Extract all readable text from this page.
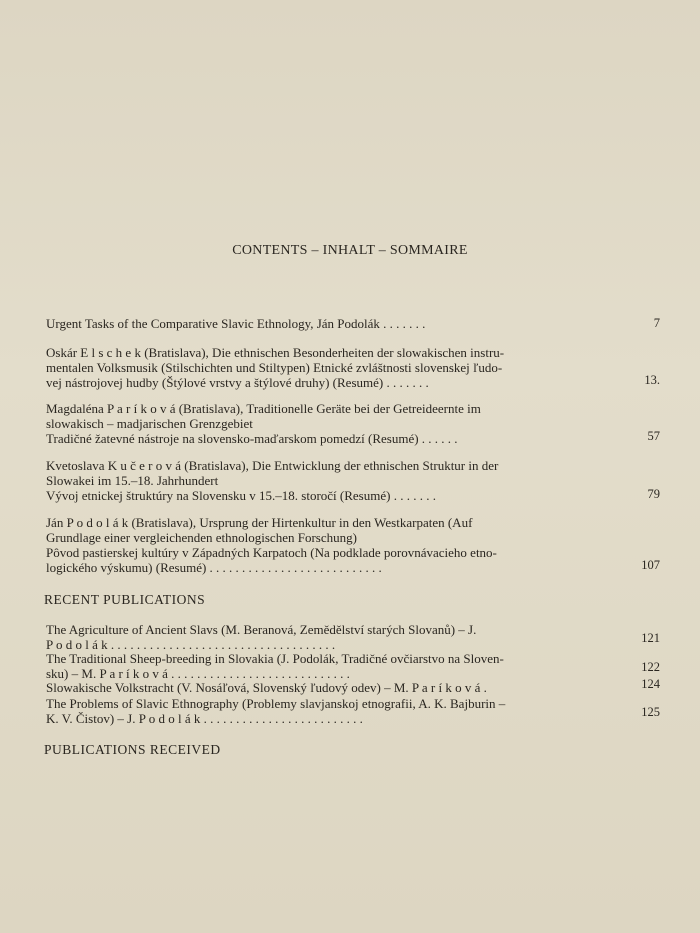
CONTENTS – INHALT – SOMMAIRE
Urgent Tasks of the Comparative Slavic Ethnology, Ján Podolák . . . . . . .	7
Oskár E l s c h e k (Bratislava), Die ethnischen Besonderheiten der slowakischen instru-
mentalen Volksmusik (Stilschichten und Stiltypen) Etnické zvláštnosti slovenskej ľudo-
vej nástrojovej hudby (Štýlové vrstvy a štýlové druhy) (Resumé) . . . . . . .	13.
Magdaléna P a r í k o v á (Bratislava), Traditionelle Geräte bei der Getreideernte im
slowakisch – madjarischen Grenzgebiet
Tradičné žatevné nástroje na slovensko-maďarskom pomedzí (Resumé) . . . . . .	57
Kvetoslava K u č e r o v á (Bratislava), Die Entwicklung der ethnischen Struktur in der
Slowakei im 15.–18. Jahrhundert
Vývoj etnickej štruktúry na Slovensku v 15.–18. storočí (Resumé) . . . . . . .	79
Ján P o d o l á k (Bratislava), Ursprung der Hirtenkultur in den Westkarpaten (Auf
Grundlage einer vergleichenden ethnologischen Forschung)
Pôvod pastierskej kultúry v Západných Karpatoch (Na podklade porovnávacieho etno-
logického výskumu) (Resumé) . . . . . . . . . . . . . . . . . . . . . . . . . . .	107
RECENT PUBLICATIONS
The Agriculture of Ancient Slavs (M. Beranová, Zemědělství starých Slovanů) – J.
P o d o l á k . . . . . . . . . . . . . . . . . . . . . . . . . . . . . . . . . . .	121
The Traditional Sheep-breeding in Slovakia (J. Podolák, Tradičné ovčiarstvo na Sloven-
sku) – M. P a r í k o v á . . . . . . . . . . . . . . . . . . . . . . . . . . . .	122
Slowakische Volkstracht (V. Nosáľová, Slovenský ľudový odev) – M. P a r í k o v á .	124
The Problems of Slavic Ethnography (Problemy slavjanskoj etnografii, A. K. Bajburin –
K. V. Čistov) – J. P o d o l á k . . . . . . . . . . . . . . . . . . . . . . . . .	125
PUBLICATIONS RECEIVED
